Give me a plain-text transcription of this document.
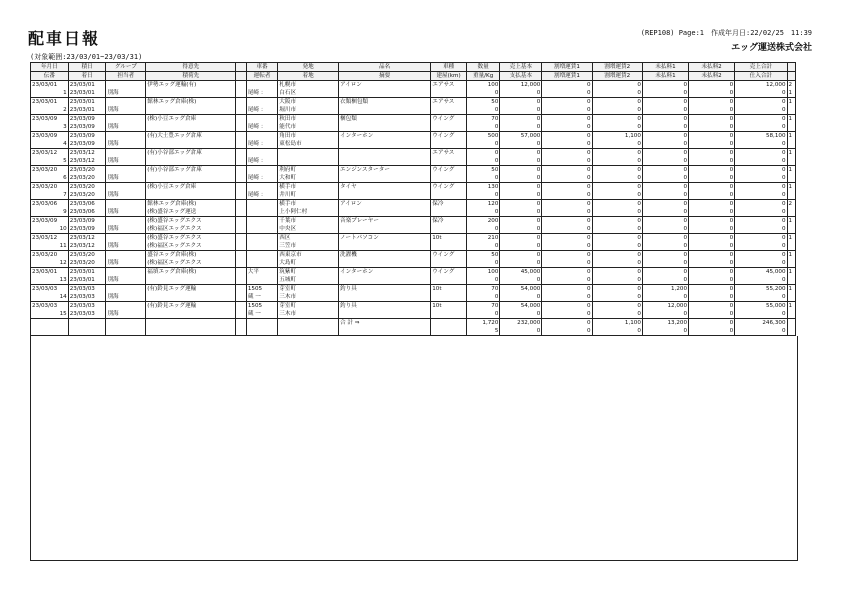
配車日報	(REP108) Page:1　作成年月日:22/02/25　11:39
エッグ運送株式会社
(対象範囲:23/03/01~23/03/31)
年月日	積日	グループ	得意先		車番	発地	品名	車種	数量	売上基本	割増運賃1	割増運賃2	未払料1	未払料2	売上合計	
伝番	着日	担当者	積荷先		運転者	着地	摘要	建屋(km)	重量/Kg	支払基本	割増運賃1	割増運賃2	未払料1	未払料2	仕入合計	
23/03/01	23/03/01		伊勢エッグ運輸(有)			札幌市	アイロン	エアサス	100	12,000	0	0	0	0	12,000	2
1	23/03/01	別海			尾崎 ：	白石区			0	0	0	0	0	0	0	1
23/03/01	23/03/01		館林エッグ倉庫(株)			大阪市	衣類梱包類	エアサス	50	0	0	0	0	0	0	1
2	23/03/01	別海			尾崎 ：	堀川市			0	0	0	0	0	0	0	
23/03/09	23/03/09		(株)小豆エッグ倉庫			秋田市	梱包類	ウイング	70	0	0	0	0	0	0	1
3	23/03/09	別海			尾崎 ：	能代市			0	0	0	0	0	0	0	
23/03/09	23/03/09		(有)大土豊エッグ倉庫			角田市	インターホン	ウイング	500	57,000	0	1,100	0	0	58,100	1
4	23/03/09	別海			尾崎 ：	東松島市			0	0	0	0	0	0	0	
23/03/12	23/03/12		(有)小谷部エッグ倉庫					エアサス	0	0	0	0	0	0	0	1
5	23/03/12	別海			尾崎 ：				0	0	0	0	0	0	0	
23/03/20	23/03/20		(有)小谷部エッグ倉庫			利府町	エンジンスターター	ウイング	50	0	0	0	0	0	0	1
6	23/03/20	別海			尾崎 ：	大和町			0	0	0	0	0	0	0	
23/03/20	23/03/20		(株)小豆エッグ倉庫			横手市	タイヤ	ウイング	130	0	0	0	0	0	0	1
7	23/03/20	別海			尾崎 ：	井川町			0	0	0	0	0	0	0	
23/03/06	23/03/06		館林エッグ倉庫(株)			横手市	アイロン	保冷	120	0	0	0	0	0	0	2
9	23/03/06	別海	(株)盛谷エッグ運送			上小阿仁村			0	0	0	0	0	0	0	
23/03/09	23/03/09		(株)盛谷エッグエクス			千葉市	音楽プレーヤー	保冷	200	0	0	0	0	0	0	1
10	23/03/09	別海	(株)福区エッグエクス			中央区			0	0	0	0	0	0	0	
23/03/12	23/03/12		(株)盛谷エッグエクス			西区	ノートパソコン	10t	210	0	0	0	0	0	0	1
11	23/03/12	別海	(株)福区エッグエクス			三笠市			0	0	0	0	0	0	0	
23/03/20	23/03/20		盛谷エッグ倉庫(株)			西東京市	洗濯機	ウイング	50	0	0	0	0	0	0	1
12	23/03/20	別海	(株)福区エッグエクス			大島町			0	0	0	0	0	0	0	
23/03/01	23/03/01		福填エッグ倉庫(株)		大平	筑紫町	インターホン	ウイング	100	45,000	0	0	0	0	45,000	1
13	23/03/01	別海				五城町			0	0	0	0	0	0	0	
23/03/03	23/03/03		(有)鈴見エッグ運輸		1505	芽室町	釣り具	10t	70	54,000	0	0	1,200	0	55,200	1
14	23/03/03	別海			蔵 一	三木市			0	0	0	0	0	0	0	
23/03/03	23/03/03		(有)鈴見エッグ運輸		1505	芽室町	釣り具	10t	70	54,000	0	0	12,000	0	55,000	1
15	23/03/03	別海			蔵 一	三木市			0	0	0	0	0	0	0	
							合 計 ⇒		1,720	232,000	0	1,100	13,200	0	246,300	
									5	0	0	0	0	0	0	
